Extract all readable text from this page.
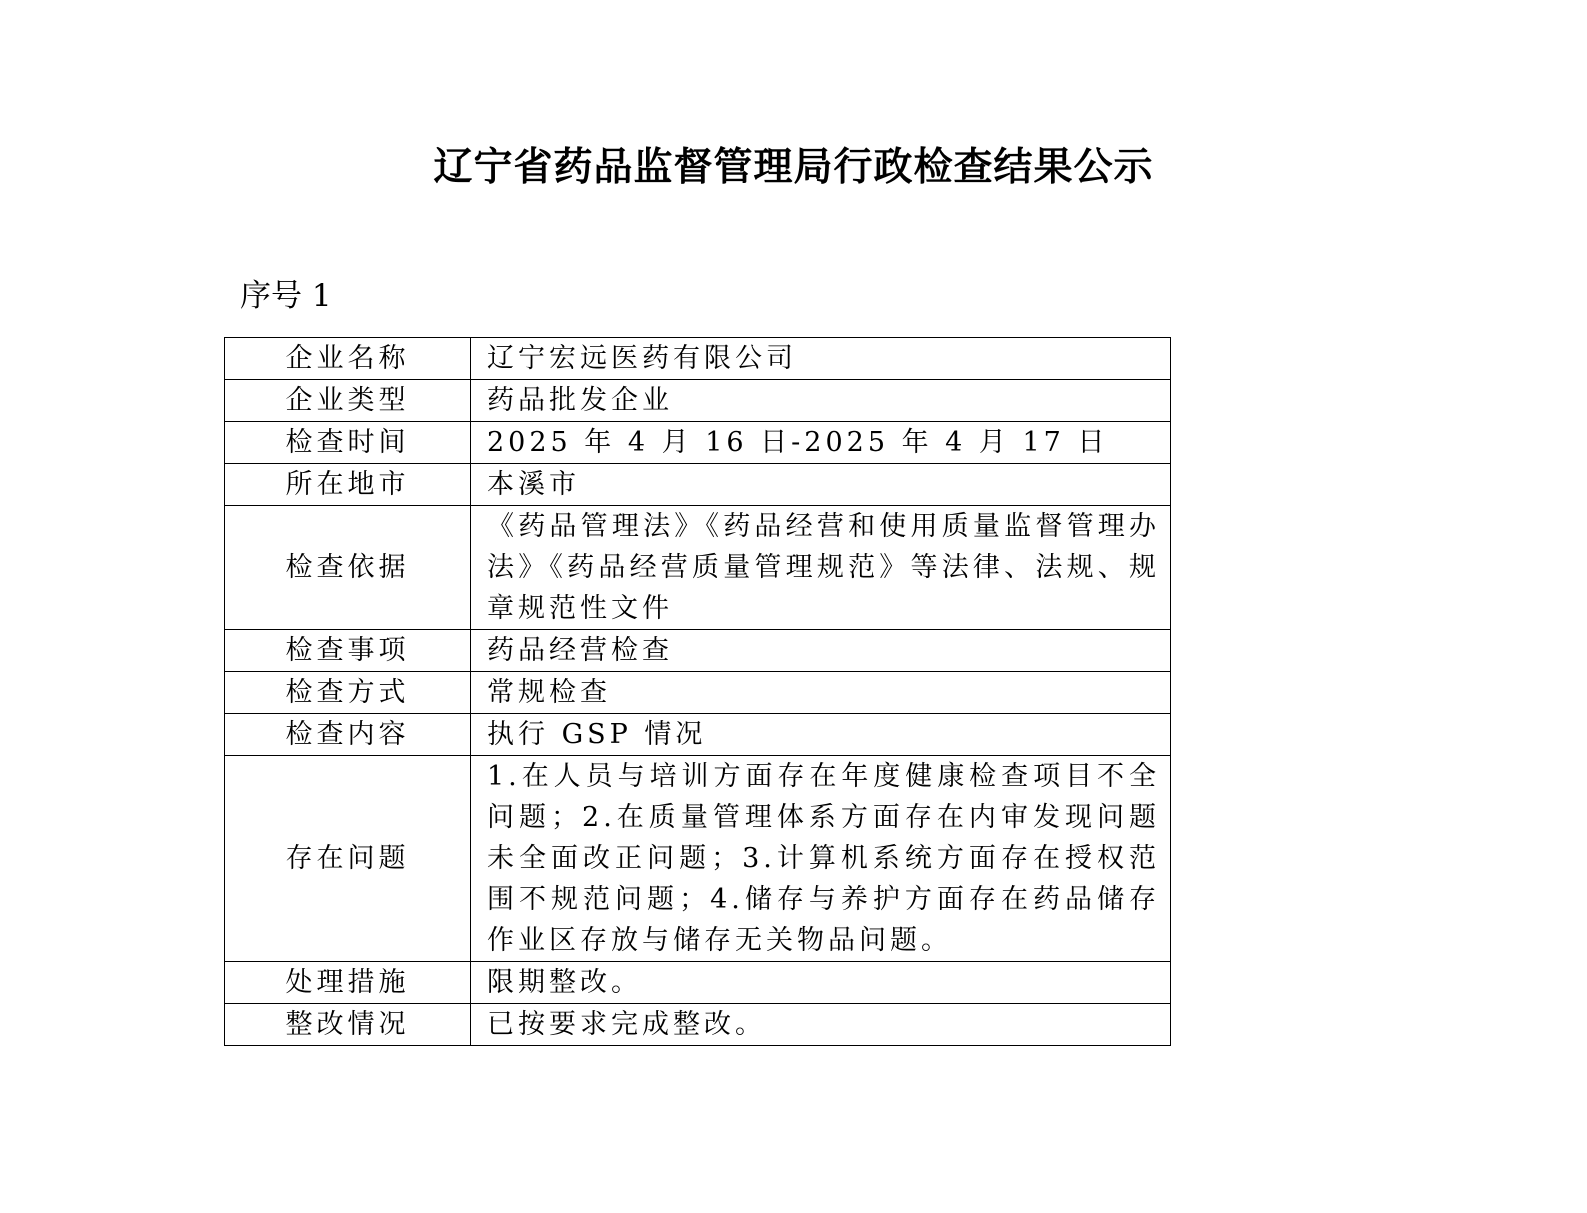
辽宁省药品监督管理局行政检查结果公示

序号 1

企业名称	辽宁宏远医药有限公司
企业类型	药品批发企业
检查时间	2025 年 4 月 16 日-2025 年 4 月 17 日
所在地市	本溪市
检查依据	《药品管理法》《药品经营和使用质量监督管理办法》《药品经营质量管理规范》等法律、法规、规章规范性文件
检查事项	药品经营检查
检查方式	常规检查
检查内容	执行 GSP 情况
存在问题	1.在人员与培训方面存在年度健康检查项目不全问题；2.在质量管理体系方面存在内审发现问题未全面改正问题；3.计算机系统方面存在授权范围不规范问题；4.储存与养护方面存在药品储存作业区存放与储存无关物品问题。
处理措施	限期整改。
整改情况	已按要求完成整改。
